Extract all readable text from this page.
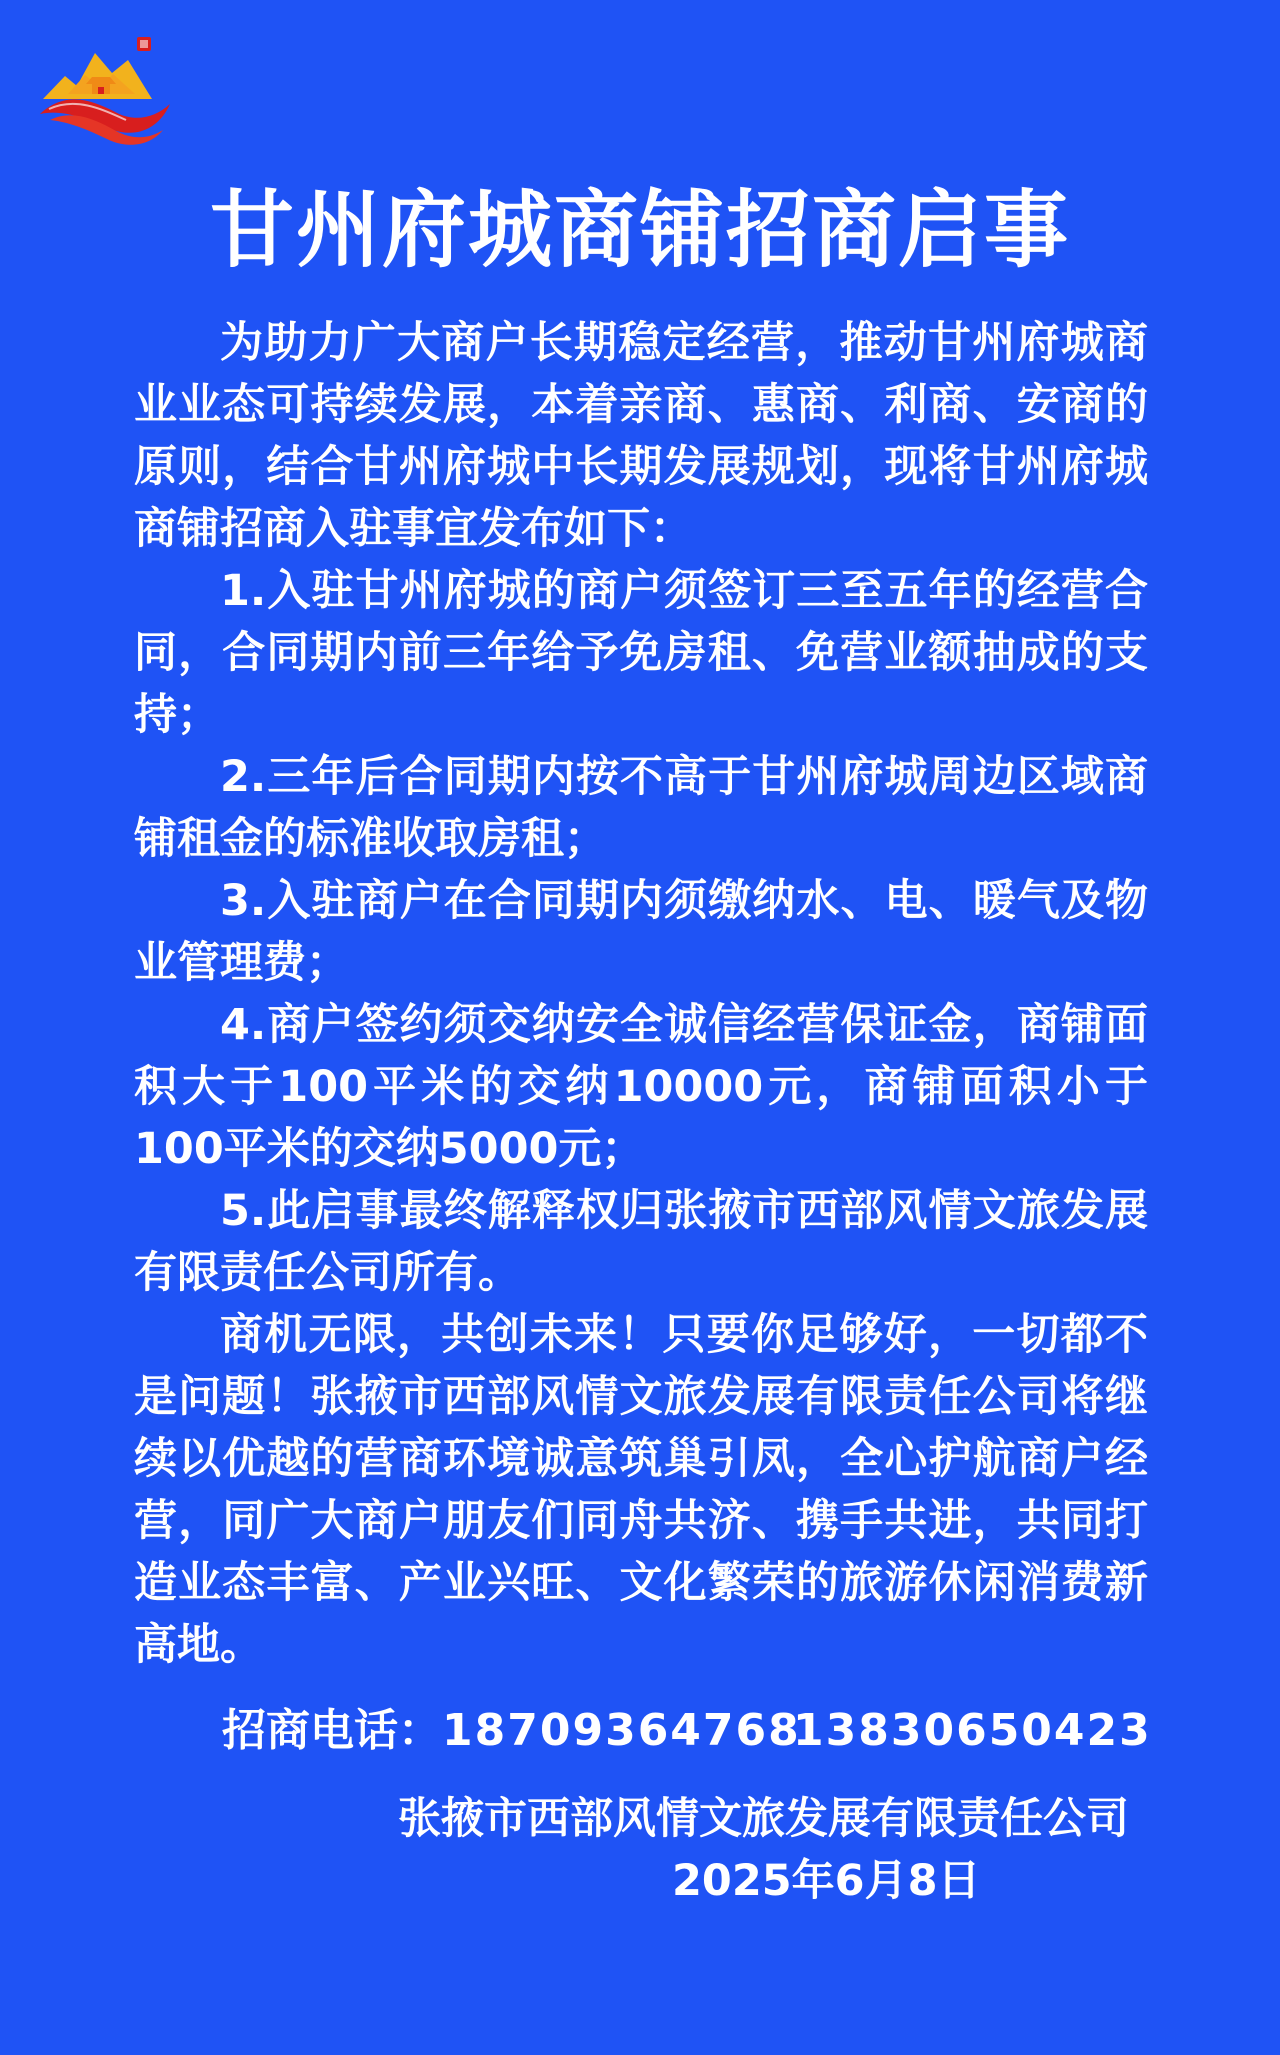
甘州府城商铺招商启事

为助力广大商户长期稳定经营，推动甘州府城商业业态可持续发展，本着亲商、惠商、利商、安商的原则，结合甘州府城中长期发展规划，现将甘州府城商铺招商入驻事宜发布如下：

1.入驻甘州府城的商户须签订三至五年的经营合同，合同期内前三年给予免房租、免营业额抽成的支持；

2.三年后合同期内按不高于甘州府城周边区域商铺租金的标准收取房租；

3.入驻商户在合同期内须缴纳水、电、暖气及物业管理费；

4.商户签约须交纳安全诚信经营保证金，商铺面积大于100平米的交纳10000元，商铺面积小于100平米的交纳5000元；

5.此启事最终解释权归张掖市西部风情文旅发展有限责任公司所有。

商机无限，共创未来！只要你足够好，一切都不是问题！张掖市西部风情文旅发展有限责任公司将继续以优越的营商环境诚意筑巢引凤，全心护航商户经营，同广大商户朋友们同舟共济、携手共进，共同打造业态丰富、产业兴旺、文化繁荣的旅游休闲消费新高地。

招商电话： 18709364768
13830650423
张掖市西部风情文旅发展有限责任公司
2025年6月8日
